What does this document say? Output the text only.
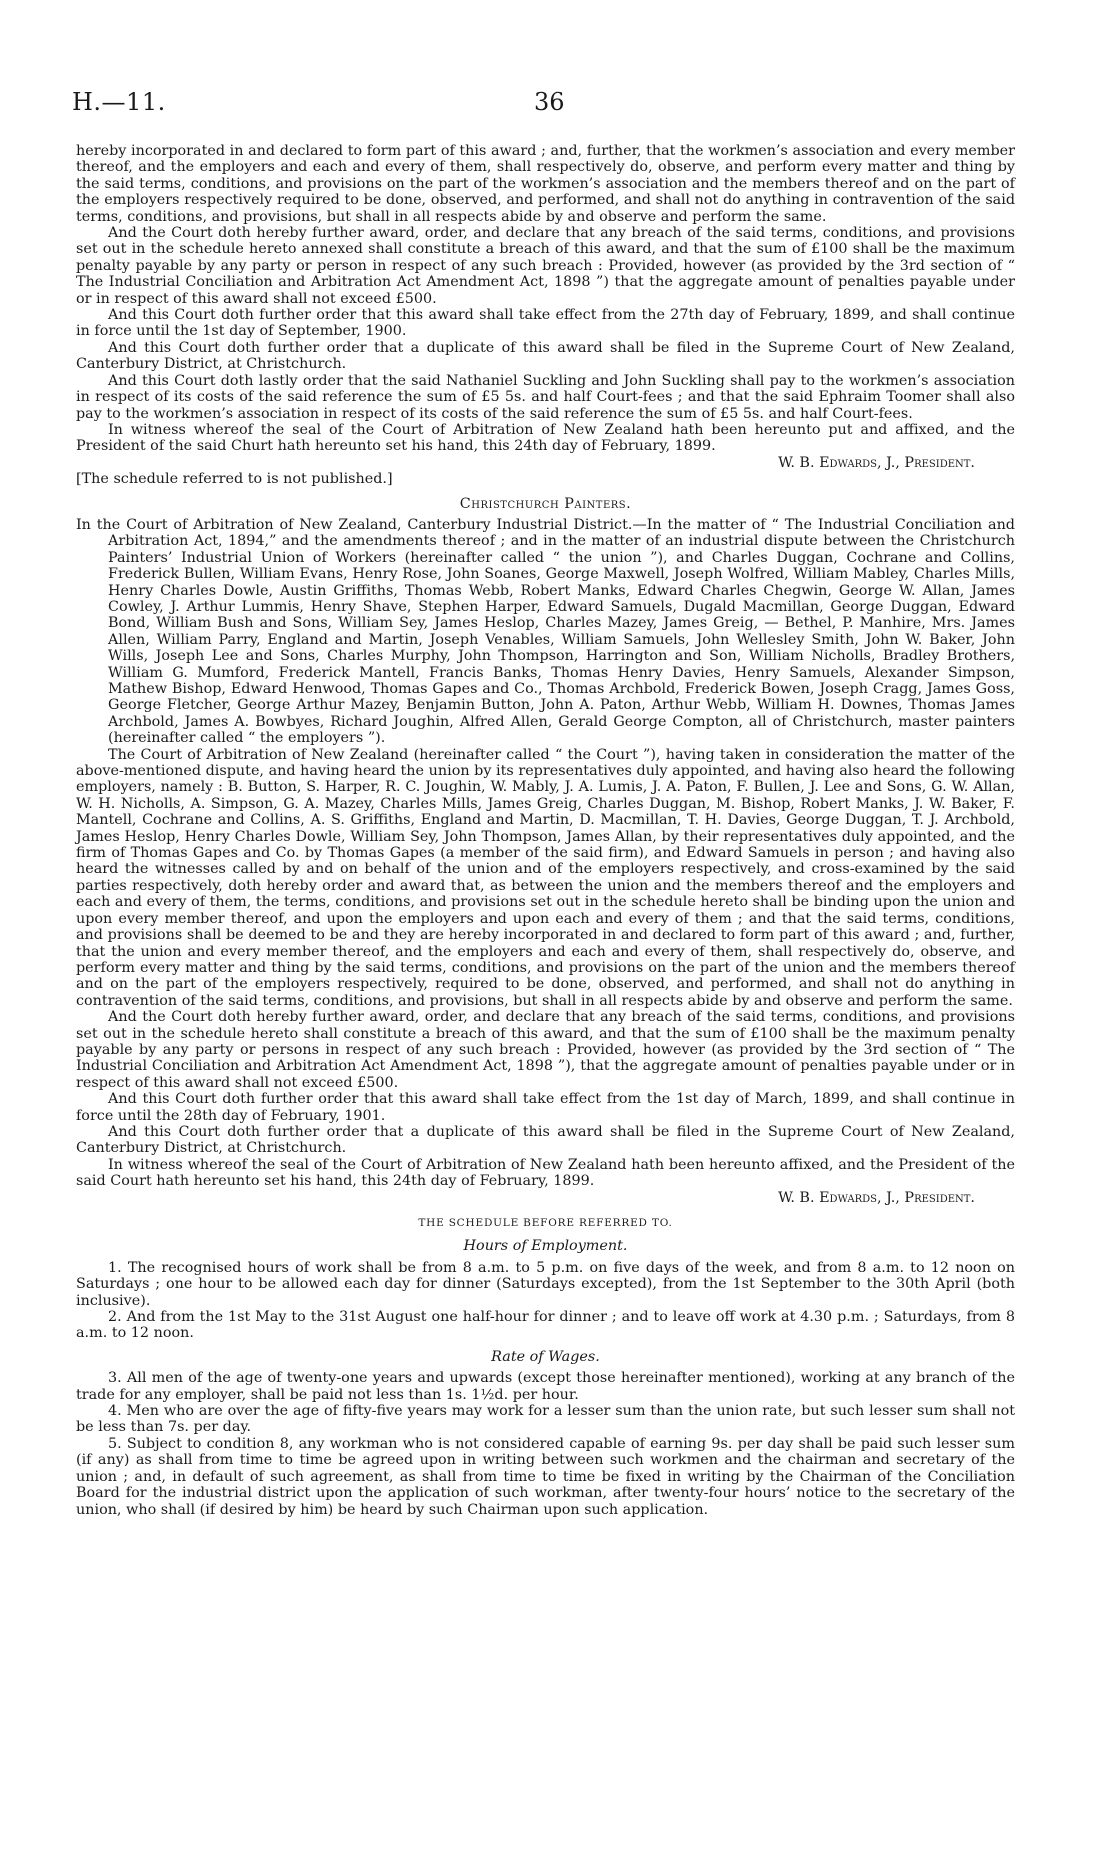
H.—11.	36

hereby incorporated in and declared to form part of this award ; and, further, that the workmen’s association and every member thereof, and the employers and each and every of them, shall respectively do, observe, and perform every matter and thing by the said terms, conditions, and provisions on the part of the workmen’s association and the members thereof and on the part of the employers respectively required to be done, observed, and performed, and shall not do anything in contravention of the said terms, conditions, and provisions, but shall in all respects abide by and observe and perform the same.

And the Court doth hereby further award, order, and declare that any breach of the said terms, conditions, and provisions set out in the schedule hereto annexed shall constitute a breach of this award, and that the sum of £100 shall be the maximum penalty payable by any party or person in respect of any such breach : Provided, however (as provided by the 3rd section of “ The Industrial Conciliation and Arbitration Act Amendment Act, 1898 ”) that the aggregate amount of penalties payable under or in respect of this award shall not exceed £500.

And this Court doth further order that this award shall take effect from the 27th day of February, 1899, and shall continue in force until the 1st day of September, 1900.

And this Court doth further order that a duplicate of this award shall be filed in the Supreme Court of New Zealand, Canterbury District, at Christchurch.

And this Court doth lastly order that the said Nathaniel Suckling and John Suckling shall pay to the workmen’s association in respect of its costs of the said reference the sum of £5 5s. and half Court-fees ; and that the said Ephraim Toomer shall also pay to the workmen’s association in respect of its costs of the said reference the sum of £5 5s. and half Court-fees.

In witness whereof the seal of the Court of Arbitration of New Zealand hath been hereunto put and affixed, and the President of the said Churt hath hereunto set his hand, this 24th day of February, 1899.

W. B. Edwards, J., President.

[The schedule referred to is not published.]

Christchurch Painters.

In the Court of Arbitration of New Zealand, Canterbury Industrial District.—In the matter of “ The Industrial Conciliation and Arbitration Act, 1894,” and the amendments thereof ; and in the matter of an industrial dispute between the Christchurch Painters’ Industrial Union of Workers (hereinafter called “ the union ”), and Charles Duggan, Cochrane and Collins, Frederick Bullen, William Evans, Henry Rose, John Soanes, George Maxwell, Joseph Wolfred, William Mabley, Charles Mills, Henry Charles Dowle, Austin Griffiths, Thomas Webb, Robert Manks, Edward Charles Chegwin, George W. Allan, James Cowley, J. Arthur Lummis, Henry Shave, Stephen Harper, Edward Samuels, Dugald Macmillan, George Duggan, Edward Bond, William Bush and Sons, William Sey, James Heslop, Charles Mazey, James Greig, — Bethel, P. Manhire, Mrs. James Allen, William Parry, England and Martin, Joseph Venables, William Samuels, John Wellesley Smith, John W. Baker, John Wills, Joseph Lee and Sons, Charles Murphy, John Thompson, Harrington and Son, William Nicholls, Bradley Brothers, William G. Mumford, Frederick Mantell, Francis Banks, Thomas Henry Davies, Henry Samuels, Alexander Simpson, Mathew Bishop, Edward Henwood, Thomas Gapes and Co., Thomas Archbold, Frederick Bowen, Joseph Cragg, James Goss, George Fletcher, George Arthur Mazey, Benjamin Button, John A. Paton, Arthur Webb, William H. Downes, Thomas James Archbold, James A. Bowbyes, Richard Joughin, Alfred Allen, Gerald George Compton, all of Christchurch, master painters (hereinafter called “ the employers ”).

The Court of Arbitration of New Zealand (hereinafter called “ the Court ”), having taken in consideration the matter of the above-mentioned dispute, and having heard the union by its representatives duly appointed, and having also heard the following employers, namely : B. Button, S. Harper, R. C. Joughin, W. Mably, J. A. Lumis, J. A. Paton, F. Bullen, J. Lee and Sons, G. W. Allan, W. H. Nicholls, A. Simpson, G. A. Mazey, Charles Mills, James Greig, Charles Duggan, M. Bishop, Robert Manks, J. W. Baker, F. Mantell, Cochrane and Collins, A. S. Griffiths, England and Martin, D. Macmillan, T. H. Davies, George Duggan, T. J. Archbold, James Heslop, Henry Charles Dowle, William Sey, John Thompson, James Allan, by their representatives duly appointed, and the firm of Thomas Gapes and Co. by Thomas Gapes (a member of the said firm), and Edward Samuels in person ; and having also heard the witnesses called by and on behalf of the union and of the employers respectively, and cross-examined by the said parties respectively, doth hereby order and award that, as between the union and the members thereof and the employers and each and every of them, the terms, conditions, and provisions set out in the schedule hereto shall be binding upon the union and upon every member thereof, and upon the employers and upon each and every of them ; and that the said terms, conditions, and provisions shall be deemed to be and they are hereby incorporated in and declared to form part of this award ; and, further, that the union and every member thereof, and the employers and each and every of them, shall respectively do, observe, and perform every matter and thing by the said terms, conditions, and provisions on the part of the union and the members thereof and on the part of the employers respectively, required to be done, observed, and performed, and shall not do anything in contravention of the said terms, conditions, and provisions, but shall in all respects abide by and observe and perform the same.

And the Court doth hereby further award, order, and declare that any breach of the said terms, conditions, and provisions set out in the schedule hereto shall constitute a breach of this award, and that the sum of £100 shall be the maximum penalty payable by any party or persons in respect of any such breach : Provided, however (as provided by the 3rd section of “ The Industrial Conciliation and Arbitration Act Amendment Act, 1898 ”), that the aggregate amount of penalties payable under or in respect of this award shall not exceed £500.

And this Court doth further order that this award shall take effect from the 1st day of March, 1899, and shall continue in force until the 28th day of February, 1901.

And this Court doth further order that a duplicate of this award shall be filed in the Supreme Court of New Zealand, Canterbury District, at Christchurch.

In witness whereof the seal of the Court of Arbitration of New Zealand hath been hereunto affixed, and the President of the said Court hath hereunto set his hand, this 24th day of February, 1899.

W. B. Edwards, J., President.

THE SCHEDULE BEFORE REFERRED TO.

Hours of Employment.

1. The recognised hours of work shall be from 8 a.m. to 5 p.m. on five days of the week, and from 8 a.m. to 12 noon on Saturdays ; one hour to be allowed each day for dinner (Saturdays excepted), from the 1st September to the 30th April (both inclusive).

2. And from the 1st May to the 31st August one half-hour for dinner ; and to leave off work at 4.30 p.m. ; Saturdays, from 8 a.m. to 12 noon.

Rate of Wages.

3. All men of the age of twenty-one years and upwards (except those hereinafter mentioned), working at any branch of the trade for any employer, shall be paid not less than 1s. 1½d. per hour.

4. Men who are over the age of fifty-five years may work for a lesser sum than the union rate, but such lesser sum shall not be less than 7s. per day.

5. Subject to condition 8, any workman who is not considered capable of earning 9s. per day shall be paid such lesser sum (if any) as shall from time to time be agreed upon in writing between such workmen and the chairman and secretary of the union ; and, in default of such agreement, as shall from time to time be fixed in writing by the Chairman of the Conciliation Board for the industrial district upon the application of such workman, after twenty-four hours’ notice to the secretary of the union, who shall (if desired by him) be heard by such Chairman upon such application.
